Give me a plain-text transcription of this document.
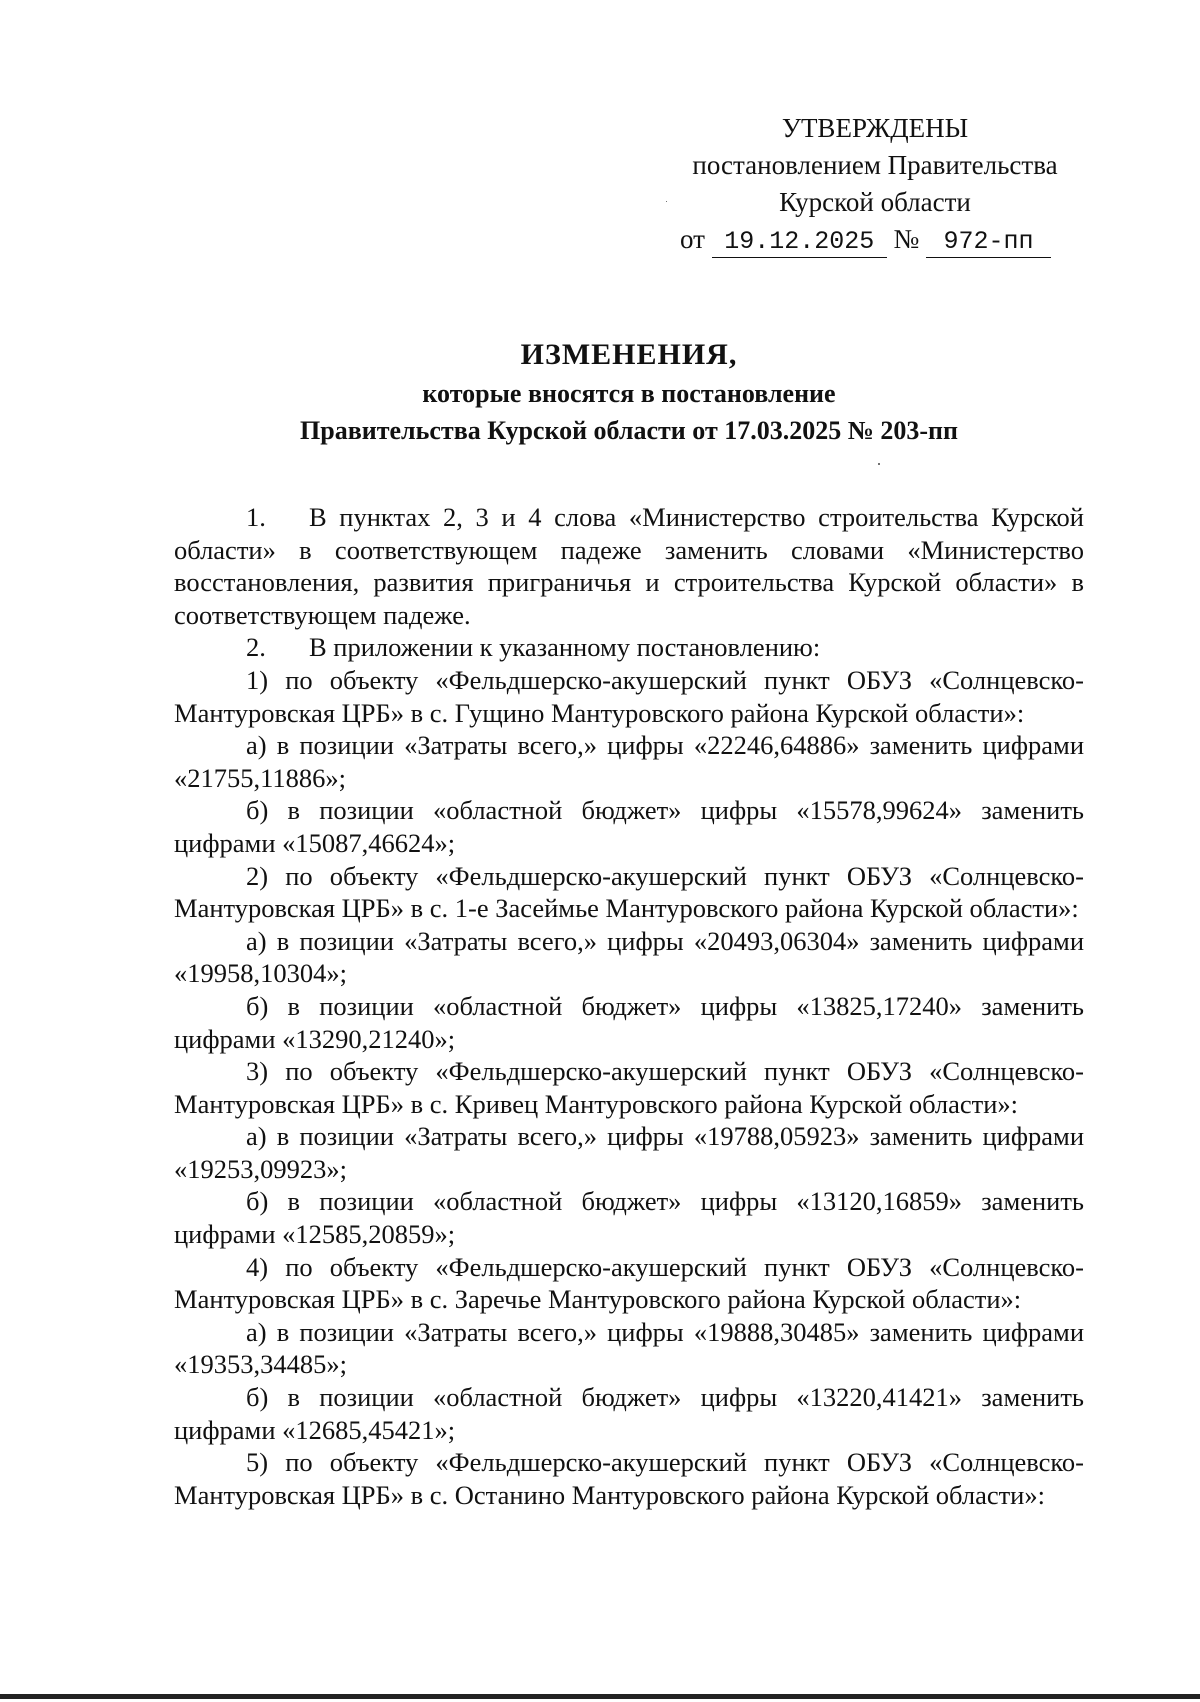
УТВЕРЖДЕНЫ
постановлением Правительства
Курской области
от 19.12.2025 № 972-пп
ИЗМЕНЕНИЯ,
которые вносятся в постановление
Правительства Курской области от 17.03.2025 № 203-пп

1. В пунктах 2, 3 и 4 слова «Министерство строительства Курской области» в соответствующем падеже заменить словами «Министерство восстановления, развития приграничья и строительства Курской области» в соответствующем падеже.

2. В приложении к указанному постановлению:

1) по объекту «Фельдшерско-акушерский пункт ОБУЗ «Солнцевско-Мантуровская ЦРБ» в с. Гущино Мантуровского района Курской области»:

а) в позиции «Затраты всего,» цифры «22246,64886» заменить цифрами «21755,11886»;

б) в позиции «областной бюджет» цифры «15578,99624» заменить цифрами «15087,46624»;

2) по объекту «Фельдшерско-акушерский пункт ОБУЗ «Солнцевско-Мантуровская ЦРБ» в с. 1-е Засеймье Мантуровского района Курской области»:

а) в позиции «Затраты всего,» цифры «20493,06304» заменить цифрами «19958,10304»;

б) в позиции «областной бюджет» цифры «13825,17240» заменить цифрами «13290,21240»;

3) по объекту «Фельдшерско-акушерский пункт ОБУЗ «Солнцевско-Мантуровская ЦРБ» в с. Кривец Мантуровского района Курской области»:

а) в позиции «Затраты всего,» цифры «19788,05923» заменить цифрами «19253,09923»;

б) в позиции «областной бюджет» цифры «13120,16859» заменить цифрами «12585,20859»;

4) по объекту «Фельдшерско-акушерский пункт ОБУЗ «Солнцевско-Мантуровская ЦРБ» в с. Заречье Мантуровского района Курской области»:

а) в позиции «Затраты всего,» цифры «19888,30485» заменить цифрами «19353,34485»;

б) в позиции «областной бюджет» цифры «13220,41421» заменить цифрами «12685,45421»;

5) по объекту «Фельдшерско-акушерский пункт ОБУЗ «Солнцевско-Мантуровская ЦРБ» в с. Останино Мантуровского района Курской области»:
